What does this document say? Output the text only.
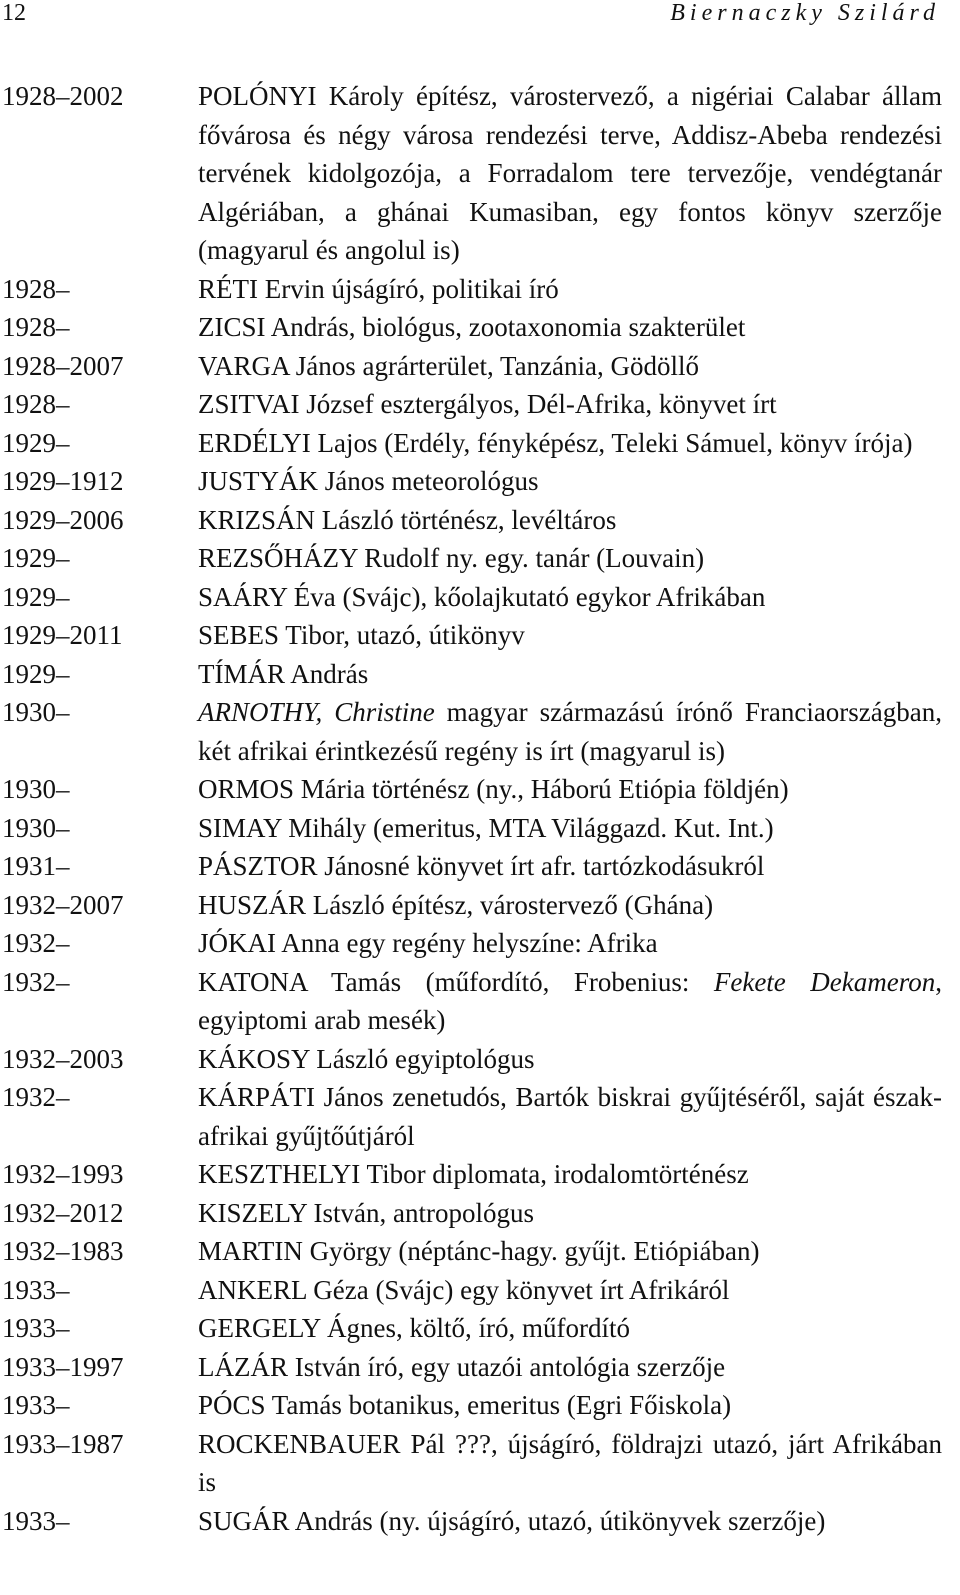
12	Biernaczky Szilárd
1928–2002	POLÓNYI Károly építész, várostervező, a nigériai Calabar állam fővárosa és négy városa rendezési terve, Addisz-Abeba rendezési tervének kidolgozója, a Forradalom tere tervezője, vendégtanár Algériában, a ghánai Kumasiban, egy fontos könyv szerzője (magyarul és angolul is)
1928–	RÉTI Ervin újságíró, politikai író
1928–	ZICSI András, biológus, zootaxonomia szakterület
1928–2007	VARGA János agrárterület, Tanzánia, Gödöllő
1928–	ZSITVAI József esztergályos, Dél-Afrika, könyvet írt
1929–	ERDÉLYI Lajos (Erdély, fényképész, Teleki Sámuel, könyv írója)
1929–1912	JUSTYÁK János meteorológus
1929–2006	KRIZSÁN László történész, levéltáros
1929–	REZSŐHÁZY Rudolf ny. egy. tanár (Louvain)
1929–	SAÁRY Éva (Svájc), kőolajkutató egykor Afrikában
1929–2011	SEBES Tibor, utazó, útikönyv
1929–	TÍMÁR András
1930–	ARNOTHY, Christine magyar származású írónő Franciaországban, két afrikai érintkezésű regény is írt (magyarul is)
1930–	ORMOS Mária történész (ny., Háború Etiópia földjén)
1930–	SIMAY Mihály (emeritus, MTA Világgazd. Kut. Int.)
1931–	PÁSZTOR Jánosné könyvet írt afr. tartózkodásukról
1932–2007	HUSZÁR László építész, várostervező (Ghána)
1932–	JÓKAI Anna egy regény helyszíne: Afrika
1932–	KATONA Tamás (műfordító, Frobenius: Fekete Dekameron, egyiptomi arab mesék)
1932–2003	KÁKOSY László egyiptológus
1932–	KÁRPÁTI János zenetudós, Bartók biskrai gyűjtéséről, saját észak-afrikai gyűjtőútjáról
1932–1993	KESZTHELYI Tibor diplomata, irodalomtörténész
1932–2012	KISZELY István, antropológus
1932–1983	MARTIN György (néptánc-hagy. gyűjt. Etiópiában)
1933–	ANKERL Géza (Svájc) egy könyvet írt Afrikáról
1933–	GERGELY Ágnes, költő, író, műfordító
1933–1997	LÁZÁR István író, egy utazói antológia szerzője
1933–	PÓCS Tamás botanikus, emeritus (Egri Főiskola)
1933–1987	ROCKENBAUER Pál ???, újságíró, földrajzi utazó, járt Afrikában is
1933–	SUGÁR András (ny. újságíró, utazó, útikönyvek szerzője)
